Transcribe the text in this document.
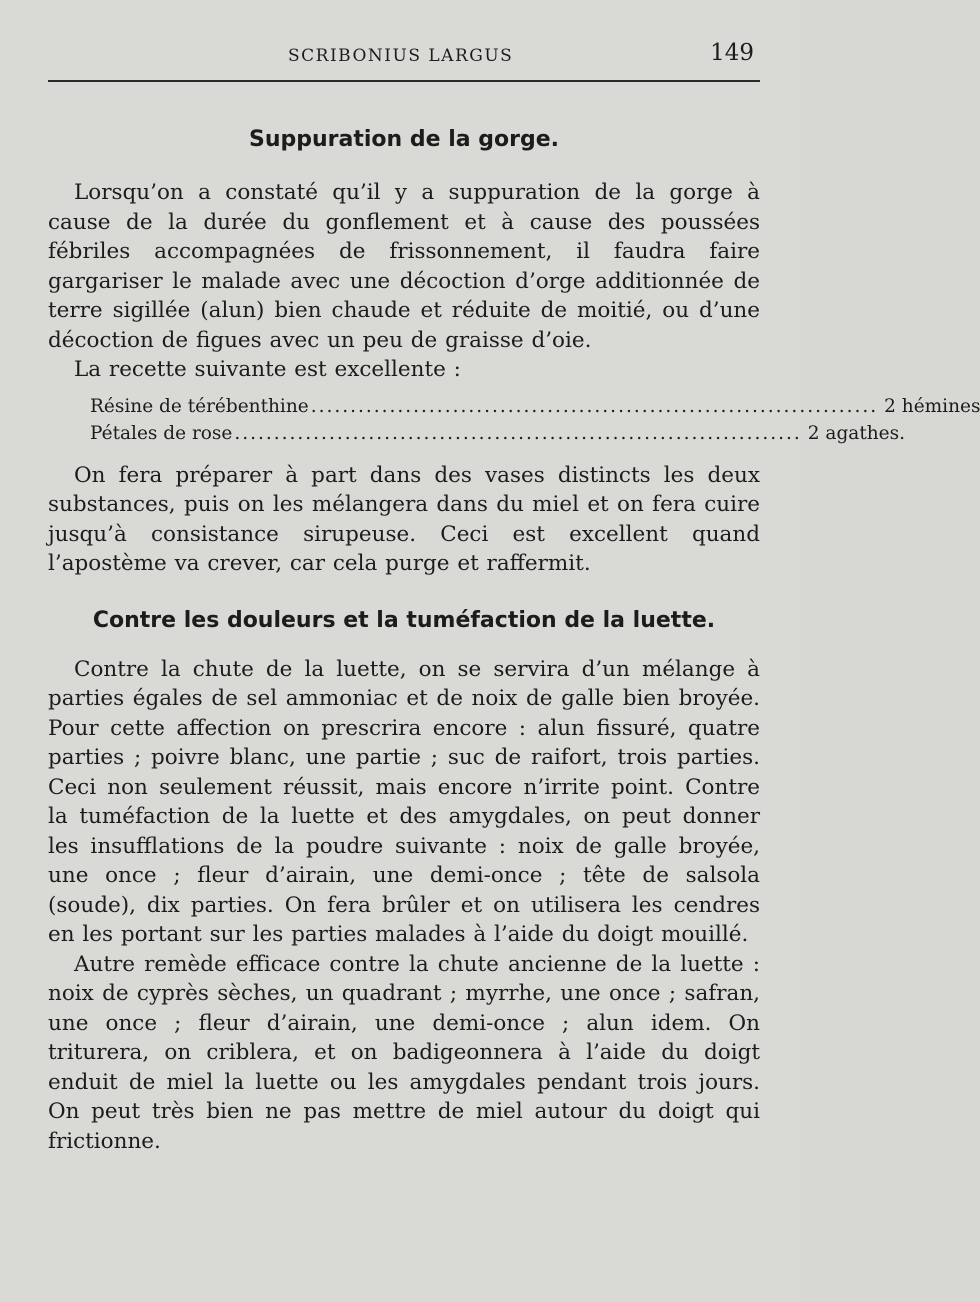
SCRIBONIUS LARGUS	149
Suppuration de la gorge.

Lorsqu’on a constaté qu’il y a suppuration de la gorge à cause de la durée du gonflement et à cause des poussées fébriles accompagnées de frissonnement, il faudra faire gargariser le malade avec une décoction d’orge additionnée de terre sigillée (alun) bien chaude et réduite de moitié, ou d’une décoction de figues avec un peu de graisse d’oie.

La recette suivante est excellente :

Résine de térébenthine ........................................................................ 2 hémines
Pétales de rose ........................................................................ 2 agathes.

On fera préparer à part dans des vases distincts les deux substances, puis on les mélangera dans du miel et on fera cuire jusqu’à consistance sirupeuse. Ceci est excellent quand l’apostème va crever, car cela purge et raffermit.

Contre les douleurs et la tuméfaction de la luette.

Contre la chute de la luette, on se servira d’un mélange à parties égales de sel ammoniac et de noix de galle bien broyée. Pour cette affection on prescrira encore : alun fissuré, quatre parties ; poivre blanc, une partie ; suc de raifort, trois parties. Ceci non seulement réussit, mais encore n’irrite point. Contre la tuméfaction de la luette et des amygdales, on peut donner les insufflations de la poudre suivante : noix de galle broyée, une once ; fleur d’airain, une demi-once ; tête de salsola (soude), dix parties. On fera brûler et on utilisera les cendres en les portant sur les parties malades à l’aide du doigt mouillé.

Autre remède efficace contre la chute ancienne de la luette : noix de cyprès sèches, un quadrant ; myrrhe, une once ; safran, une once ; fleur d’airain, une demi-once ; alun idem. On triturera, on criblera, et on badigeonnera à l’aide du doigt enduit de miel la luette ou les amygdales pendant trois jours. On peut très bien ne pas mettre de miel autour du doigt qui frictionne.
